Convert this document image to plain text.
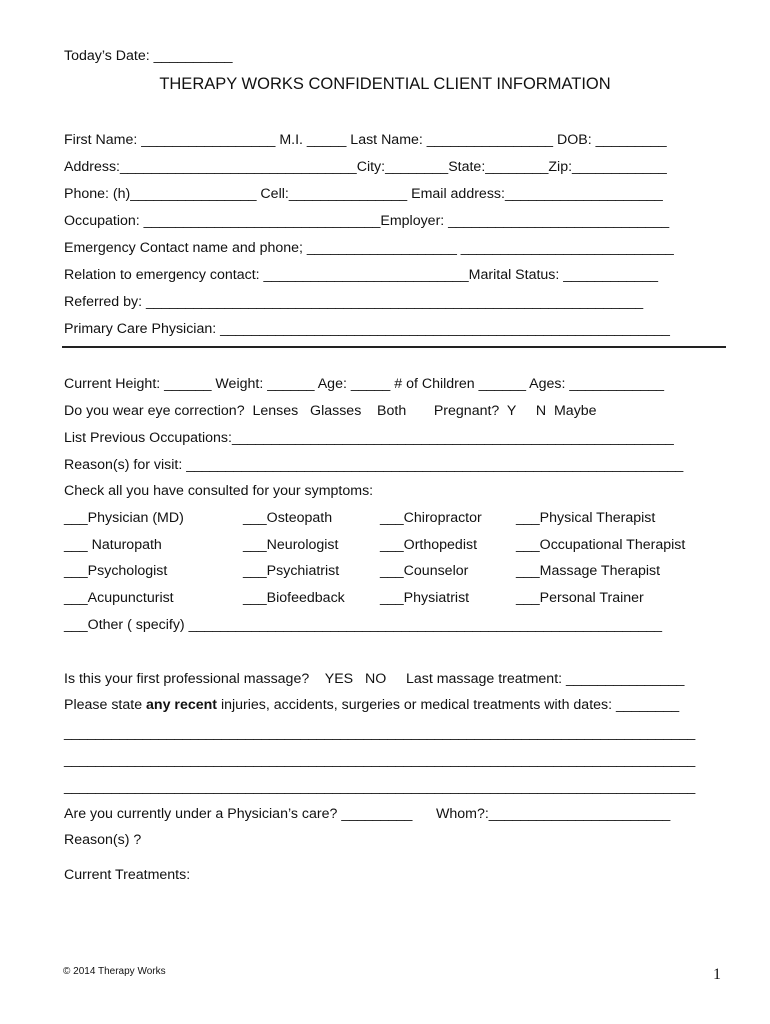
Today’s Date: __________
THERAPY WORKS CONFIDENTIAL CLIENT INFORMATION
First Name: _________________ M.I. _____ Last Name: ________________ DOB: _________
Address:______________________________City:________State:________Zip:____________
Phone: (h)________________ Cell:_______________ Email address:____________________
Occupation: ______________________________Employer: ____________________________
Emergency Contact name and phone; ___________________ ___________________________
Relation to emergency contact: __________________________Marital Status: ____________
Referred by: _______________________________________________________________
Primary Care Physician: _________________________________________________________
Current Height: ______ Weight: ______ Age: _____ # of Children ______ Ages: ____________
Do you wear eye correction?  Lenses   Glasses    Both       Pregnant?  Y     N  Maybe
List Previous Occupations:________________________________________________________
Reason(s) for visit: _______________________________________________________________
Check all you have consulted for your symptoms:
___Physician (MD)	___Osteopath	___Chiropractor ___Physical Therapist
___ Naturopath	___Neurologist	___Orthopedist	___Occupational Therapist
___Psychologist	___Psychiatrist	___Counselor	___Massage Therapist
___Acupuncturist	___Biofeedback ___Physiatrist	___Personal Trainer
___Other ( specify) ____________________________________________________________
Is this your first professional massage?    YES   NO     Last massage treatment: _______________
Please state any recent injuries, accidents, surgeries or medical treatments with dates: ________
________________________________________________________________________________
________________________________________________________________________________
________________________________________________________________________________
Are you currently under a Physician’s care? _________      Whom?:_______________________
Reason(s) ?
Current Treatments:
© 2014 Therapy Works	1
